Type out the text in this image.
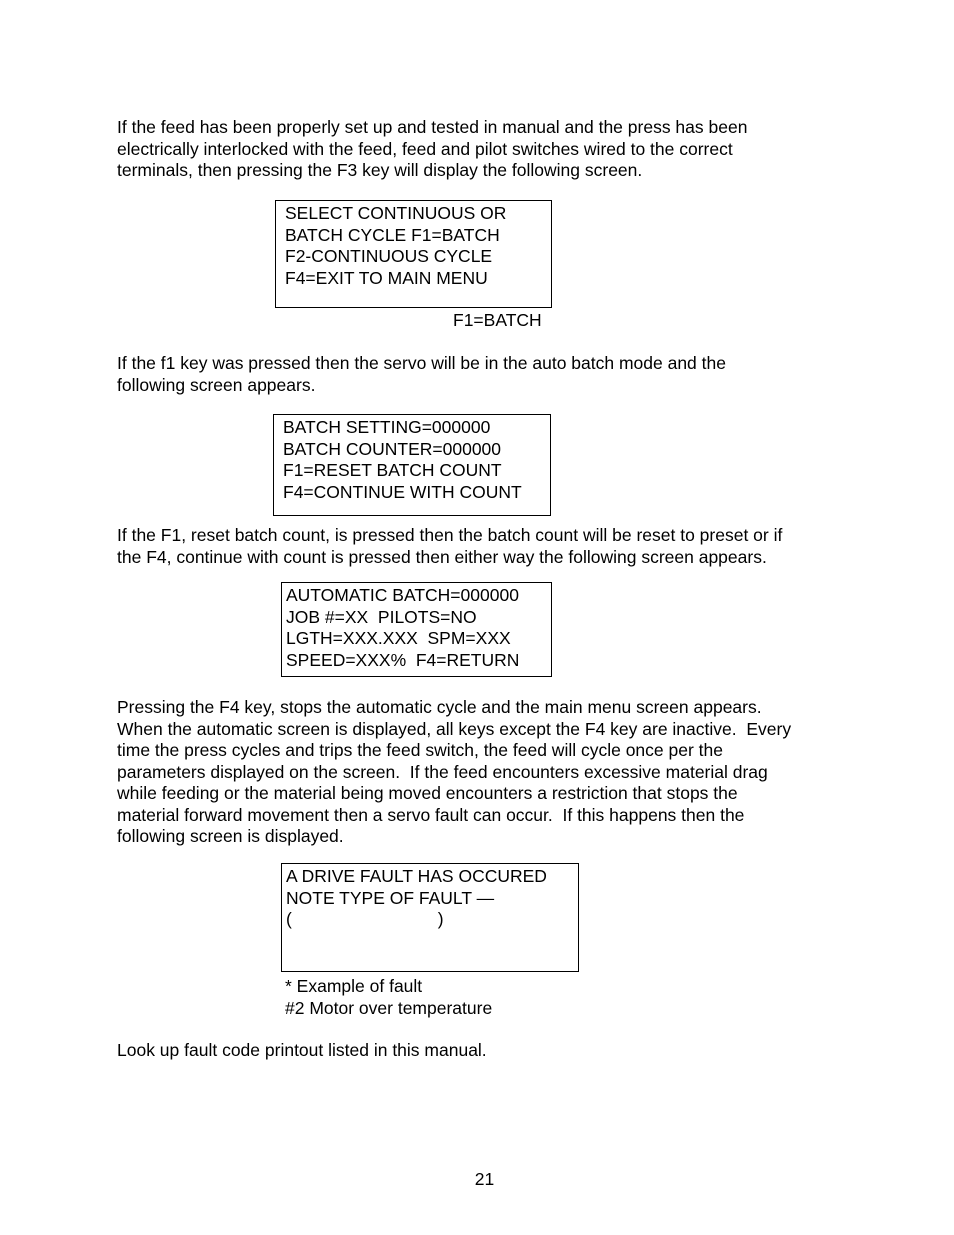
If the feed has been properly set up and tested in manual and the press has been
electrically interlocked with the feed, feed and pilot switches wired to the correct
terminals, then pressing the F3 key will display the following screen.

SELECT CONTINUOUS OR
BATCH CYCLE F1=BATCH
F2-CONTINUOUS CYCLE
F4=EXIT TO MAIN MENU
F1=BATCH

If the f1 key was pressed then the servo will be in the auto batch mode and the
following screen appears.

BATCH SETTING=000000
BATCH COUNTER=000000
F1=RESET BATCH COUNT
F4=CONTINUE WITH COUNT

If the F1, reset batch count, is pressed then the batch count will be reset to preset or if
the F4, continue with count is pressed then either way the following screen appears.

AUTOMATIC BATCH=000000
JOB #=XX  PILOTS=NO
LGTH=XXX.XXX  SPM=XXX
SPEED=XXX%  F4=RETURN

Pressing the F4 key, stops the automatic cycle and the main menu screen appears.
When the automatic screen is displayed, all keys except the F4 key are inactive.  Every
time the press cycles and trips the feed switch, the feed will cycle once per the
parameters displayed on the screen.  If the feed encounters excessive material drag
while feeding or the material being moved encounters a restriction that stops the
material forward movement then a servo fault can occur.  If this happens then the
following screen is displayed.

A DRIVE FAULT HAS OCCURED
NOTE TYPE OF FAULT —
(                              )
* Example of fault
#2 Motor over temperature

Look up fault code printout listed in this manual.

21
